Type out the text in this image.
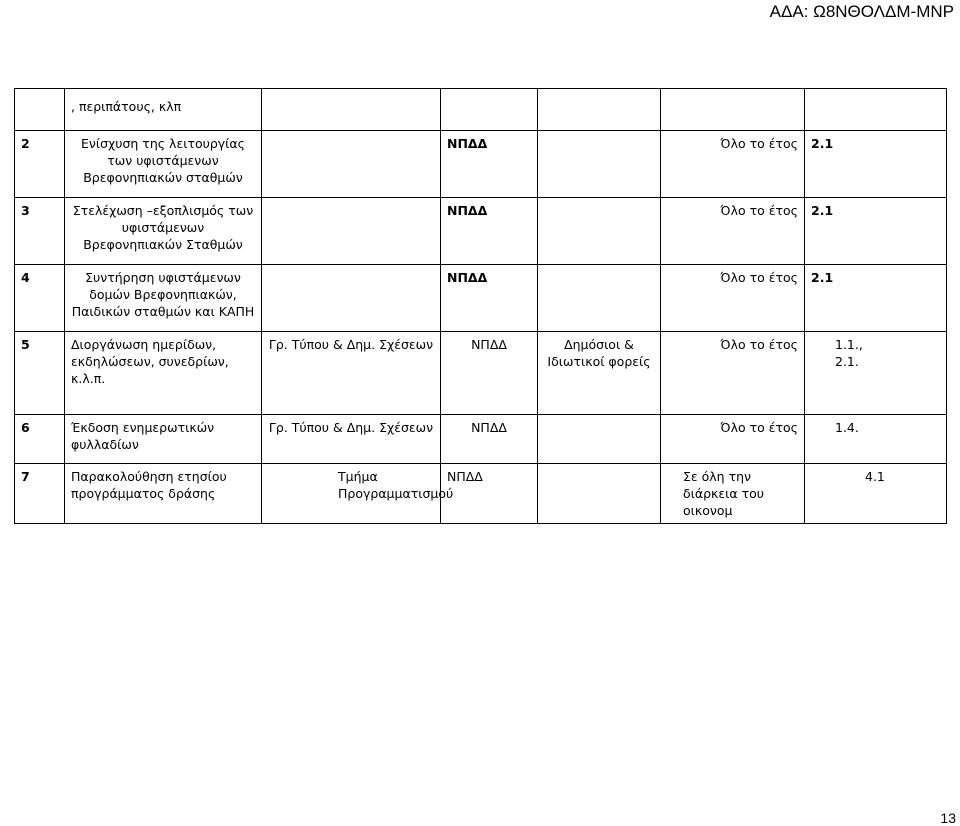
ΑΔΑ: Ω8ΝΘΟΛΔΜ-ΜΝΡ
	, περιπάτους, κλπ					
2	Ενίσχυση της λειτουργίας των υφιστάμενων Βρεφονηπιακών σταθμών		ΝΠΔΔ		Όλο το έτος	2.1
3	Στελέχωση –εξοπλισμός των υφιστάμενων Βρεφονηπιακών Σταθμών		ΝΠΔΔ		Όλο το έτος	2.1
4	Συντήρηση υφιστάμενων δομών Βρεφονηπιακών, Παιδικών σταθμών και ΚΑΠΗ		ΝΠΔΔ		Όλο το έτος	2.1
5	Διοργάνωση ημερίδων, εκδηλώσεων, συνεδρίων, κ.λ.π.	Γρ. Τύπου & Δημ. Σχέσεων	ΝΠΔΔ	Δημόσιοι & Ιδιωτικοί φορείς	Όλο το έτος	1.1., 2.1.
6	Έκδοση ενημερωτικών φυλλαδίων	Γρ. Τύπου & Δημ. Σχέσεων	ΝΠΔΔ		Όλο το έτος	1.4.
7	Παρακολούθηση ετησίου προγράμματος δράσης	Τμήμα Προγραμματισμού	ΝΠΔΔ		Σε όλη την διάρκεια του οικονομ	4.1
13
